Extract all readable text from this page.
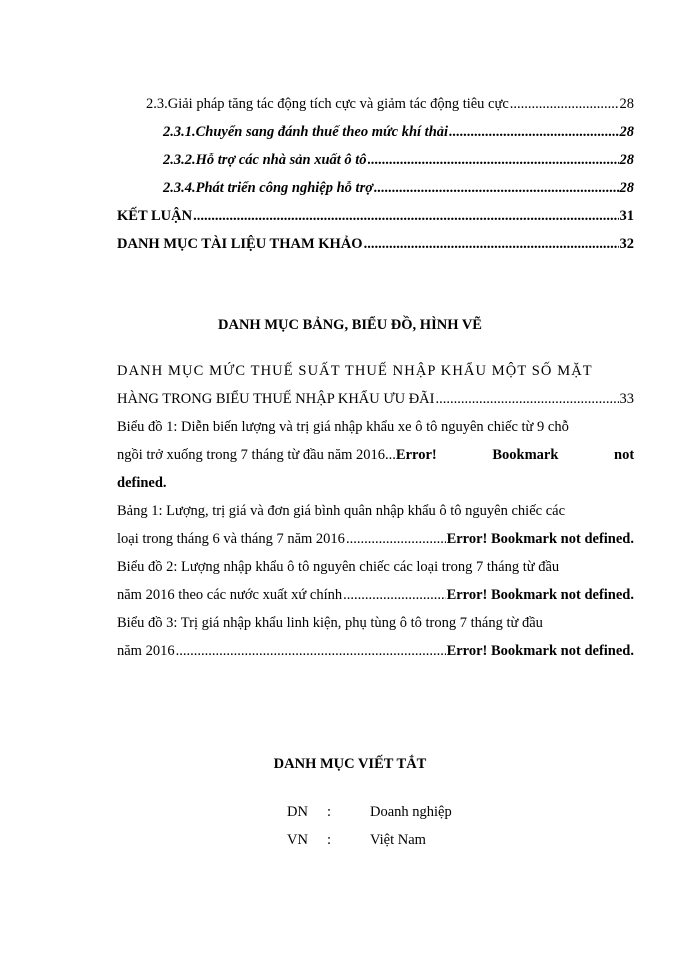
2.3.Giải pháp tăng tác động tích cực và giảm tác động tiêu cực .....	28
2.3.1.Chuyển sang đánh thuế theo mức khí thải .....	28
2.3.2.Hỗ trợ các nhà sản xuất ô tô .....	28
2.3.4.Phát triển công nghiệp hỗ trợ .....	28
KẾT LUẬN .....	31
DANH MỤC TÀI LIỆU THAM KHẢO .....	32
DANH MỤC BẢNG, BIỂU ĐỒ, HÌNH VẼ
DANH MỤC MỨC THUẾ SUẤT THUẾ NHẬP KHẨU MỘT SỐ MẶT
HÀNG TRONG BIỂU THUẾ NHẬP KHẨU ƯU ĐÃI .....	33
Biểu đồ 1: Diễn biến lượng và trị giá nhập khẩu xe ô tô nguyên chiếc từ 9 chỗ
ngồi trở xuống trong 7 tháng từ đầu năm 2016 ... Error! Bookmark not
defined.
Bảng 1: Lượng, trị giá và đơn giá bình quân nhập khẩu ô tô nguyên chiếc các
loại trong tháng 6 và tháng 7 năm 2016 .....	Error! Bookmark not defined.
Biểu đồ 2: Lượng nhập khẩu ô tô nguyên chiếc các loại trong 7 tháng từ đầu
năm 2016 theo các nước xuất xứ chính .....	Error! Bookmark not defined.
Biểu đồ 3: Trị giá nhập khẩu linh kiện, phụ tùng ô tô trong 7 tháng từ đầu
năm 2016 .....	Error! Bookmark not defined.
DANH MỤC VIẾT TẮT
DN :	Doanh nghiệp
VN :	Việt Nam
